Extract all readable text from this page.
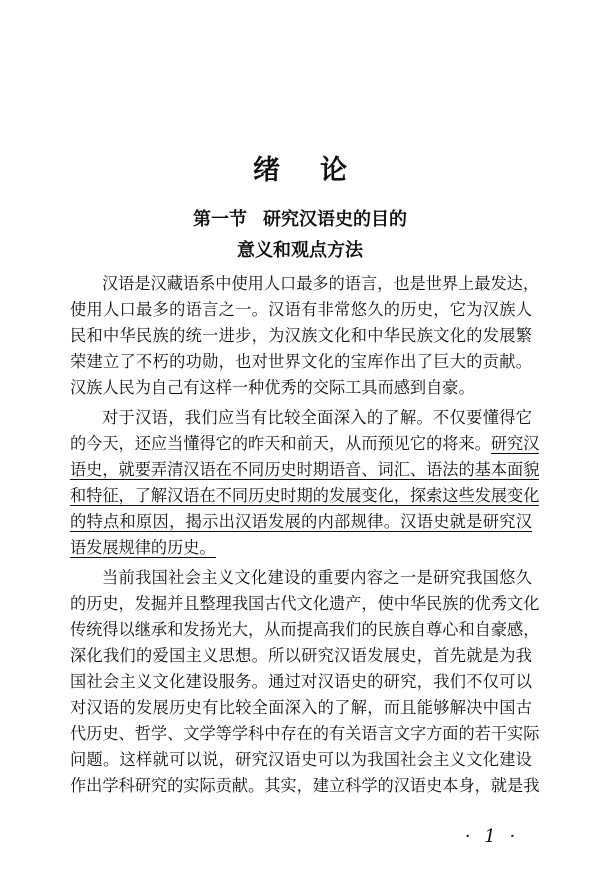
绪论
第一节 研究汉语史的目的
意义和观点方法
汉语是汉藏语系中使用人口最多的语言，也是世界上最发达，
使用人口最多的语言之一。汉语有非常悠久的历史，它为汉族人
民和中华民族的统一进步，为汉族文化和中华民族文化的发展繁
荣建立了不朽的功勋，也对世界文化的宝库作出了巨大的贡献。
汉族人民为自己有这样一种优秀的交际工具而感到自豪。
对于汉语，我们应当有比较全面深入的了解。不仅要懂得它
的今天，还应当懂得它的昨天和前天，从而预见它的将来。研究汉
语史，就要弄清汉语在不同历史时期语音、词汇、语法的基本面貌
和特征，了解汉语在不同历史时期的发展变化，探索这些发展变化
的特点和原因，揭示出汉语发展的内部规律。汉语史就是研究汉
语发展规律的历史。
当前我国社会主义文化建设的重要内容之一是研究我国悠久
的历史，发掘并且整理我国古代文化遗产，使中华民族的优秀文化
传统得以继承和发扬光大，从而提高我们的民族自尊心和自豪感，
深化我们的爱国主义思想。所以研究汉语发展史，首先就是为我
国社会主义文化建设服务。通过对汉语史的研究，我们不仅可以
对汉语的发展历史有比较全面深入的了解，而且能够解决中国古
代历史、哲学、文学等学科中存在的有关语言文字方面的若干实际
问题。这样就可以说，研究汉语史可以为我国社会主义文化建设
作出学科研究的实际贡献。其实，建立科学的汉语史本身，就是我
· 1 ·
